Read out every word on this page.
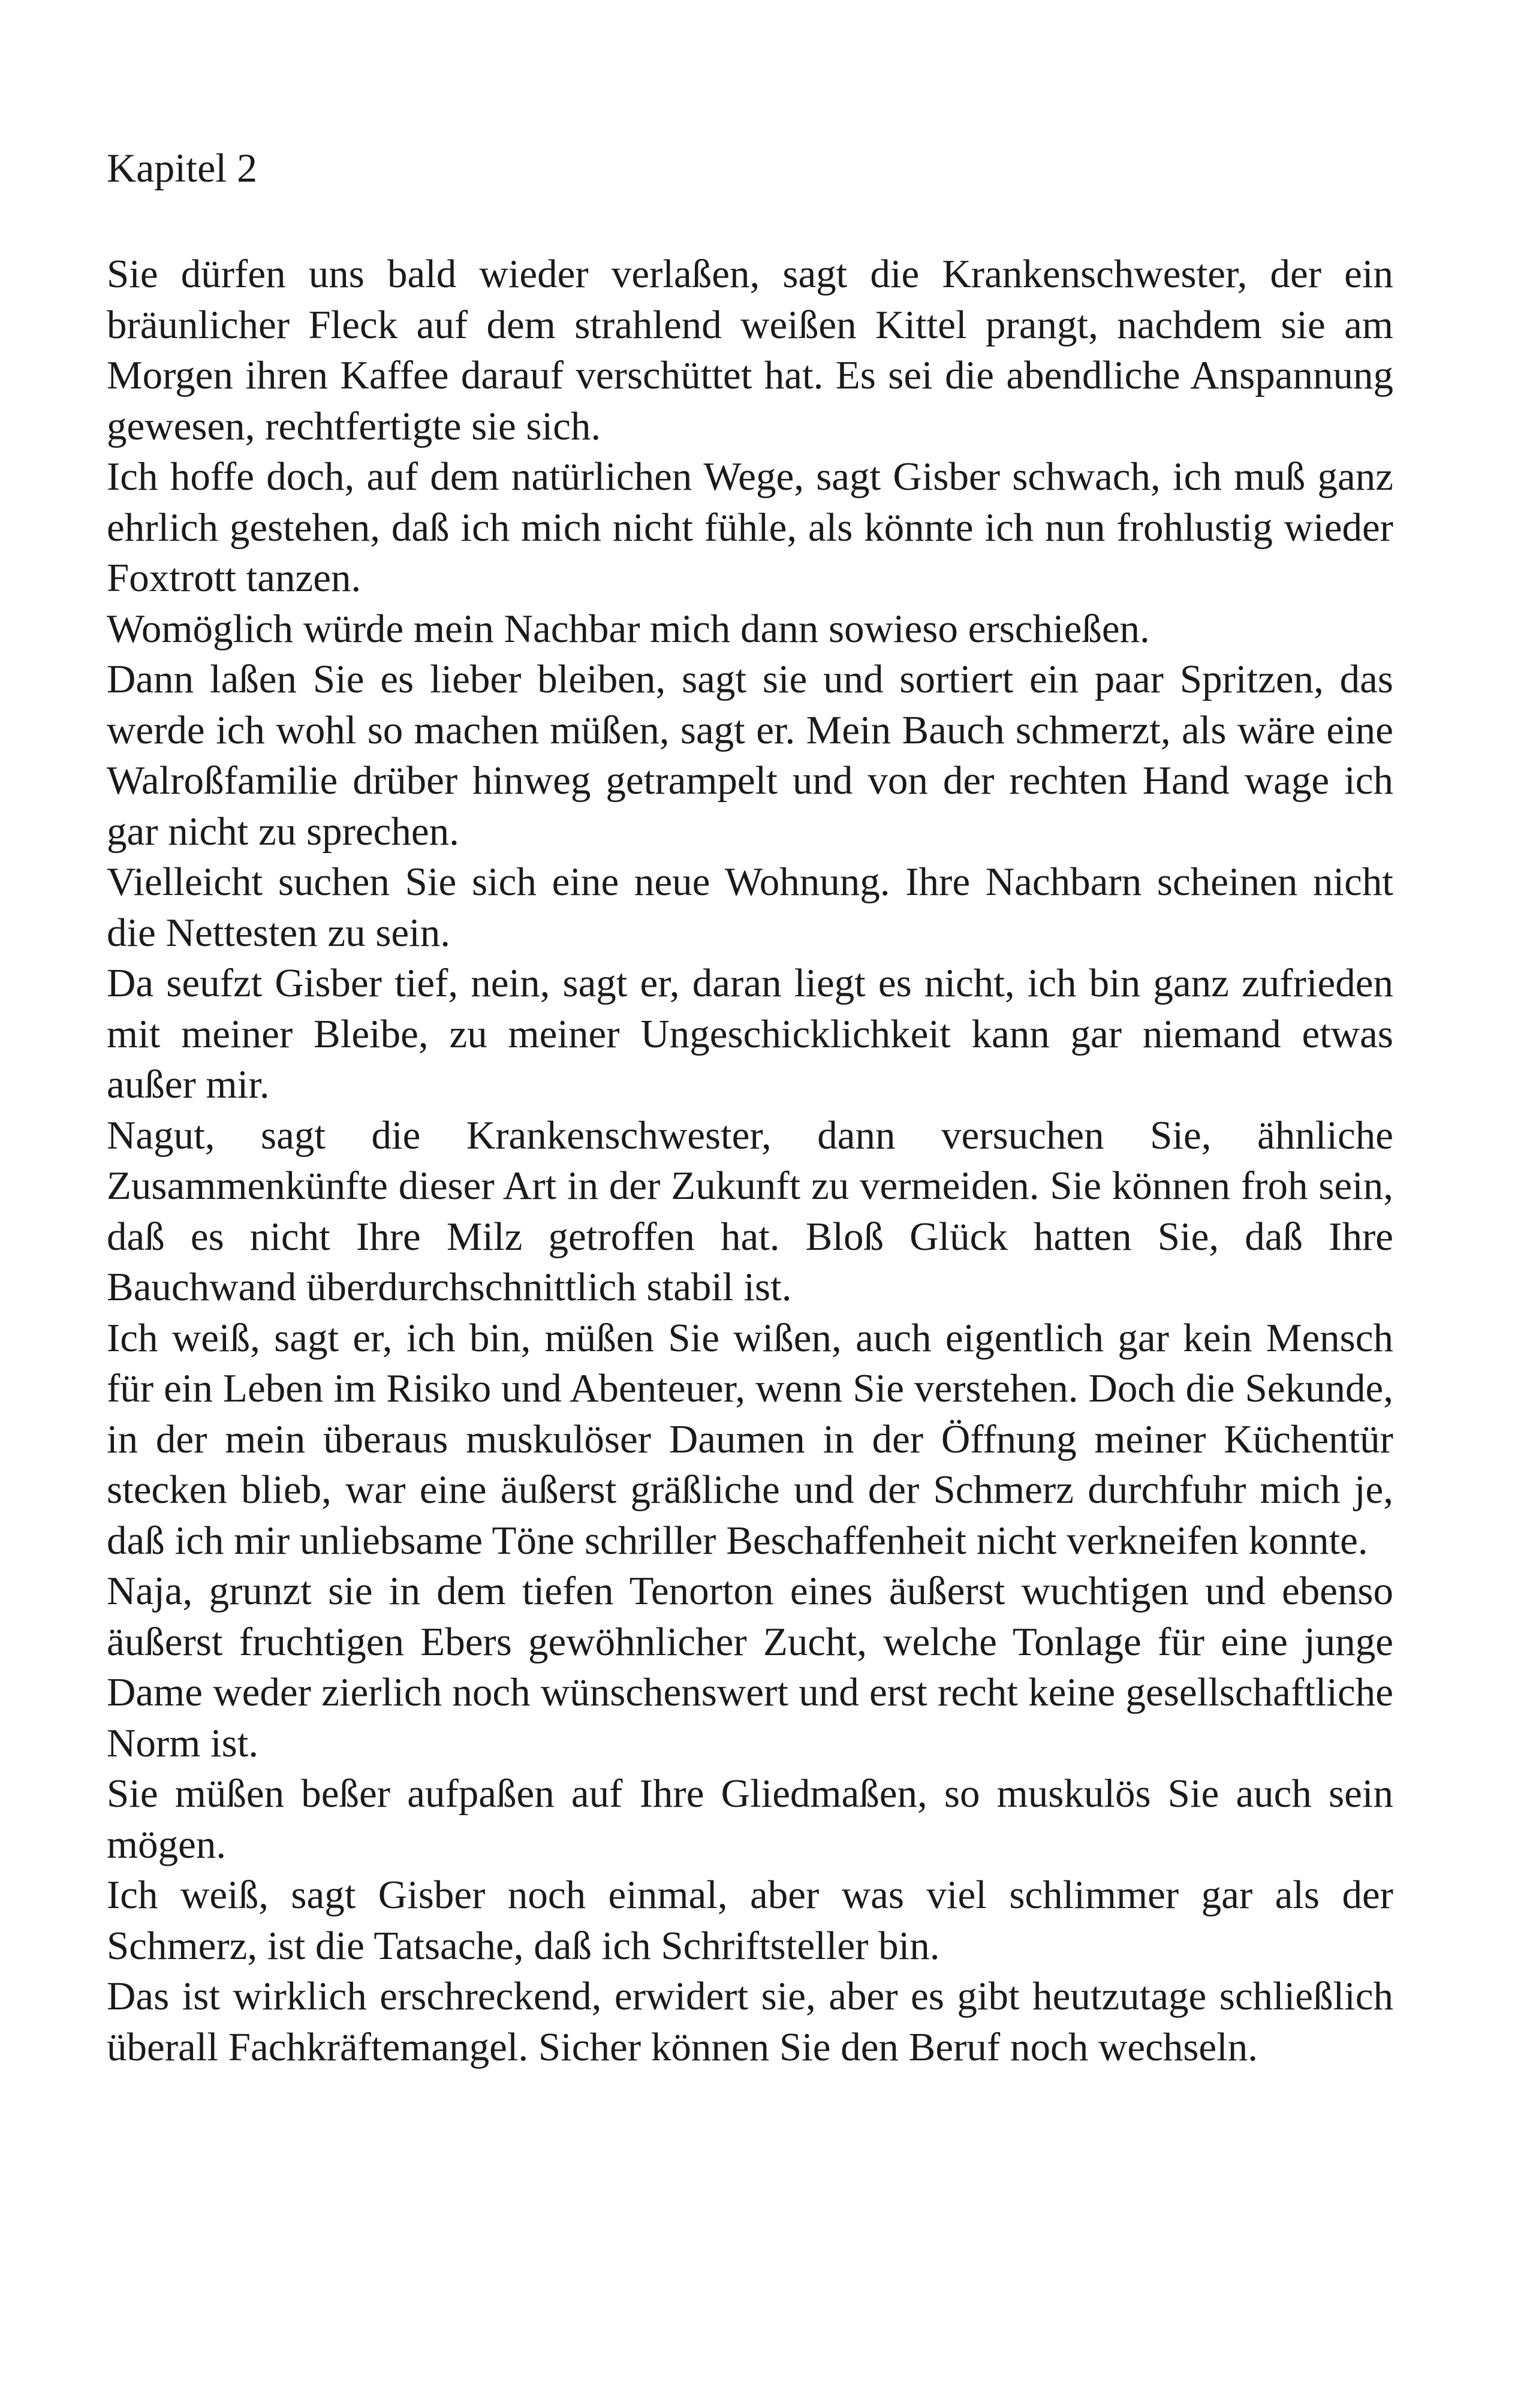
Kapitel 2

Sie dürfen uns bald wieder verlaßen, sagt die Krankenschwester, der ein bräunlicher Fleck auf dem strahlend weißen Kittel prangt, nachdem sie am Morgen ihren Kaffee darauf verschüttet hat. Es sei die abendliche Anspannung gewesen, rechtfertigte sie sich.

Ich hoffe doch, auf dem natürlichen Wege, sagt Gisber schwach, ich muß ganz ehrlich gestehen, daß ich mich nicht fühle, als könnte ich nun frohlustig wieder Foxtrott tanzen.

Womöglich würde mein Nachbar mich dann sowieso erschießen.

Dann laßen Sie es lieber bleiben, sagt sie und sortiert ein paar Spritzen, das werde ich wohl so machen müßen, sagt er. Mein Bauch schmerzt, als wäre eine Walroßfamilie drüber hinweg getrampelt und von der rechten Hand wage ich gar nicht zu sprechen.

Vielleicht suchen Sie sich eine neue Wohnung. Ihre Nachbarn scheinen nicht die Nettesten zu sein.

Da seufzt Gisber tief, nein, sagt er, daran liegt es nicht, ich bin ganz zufrieden mit meiner Bleibe, zu meiner Ungeschicklichkeit kann gar niemand etwas außer mir.

Nagut, sagt die Krankenschwester, dann versuchen Sie, ähnliche Zusammenkünfte dieser Art in der Zukunft zu vermeiden. Sie können froh sein, daß es nicht Ihre Milz getroffen hat. Bloß Glück hatten Sie, daß Ihre Bauchwand überdurchschnittlich stabil ist.

Ich weiß, sagt er, ich bin, müßen Sie wißen, auch eigentlich gar kein Mensch für ein Leben im Risiko und Abenteuer, wenn Sie verstehen. Doch die Sekunde, in der mein überaus muskulöser Daumen in der Öffnung meiner Küchentür stecken blieb, war eine äußerst gräßliche und der Schmerz durchfuhr mich je, daß ich mir unliebsame Töne schriller Beschaffenheit nicht verkneifen konnte.

Naja, grunzt sie in dem tiefen Tenorton eines äußerst wuchtigen und ebenso äußerst fruchtigen Ebers gewöhnlicher Zucht, welche Tonlage für eine junge Dame weder zierlich noch wünschenswert und erst recht keine gesellschaftliche Norm ist.

Sie müßen beßer aufpaßen auf Ihre Gliedmaßen, so muskulös Sie auch sein mögen.

Ich weiß, sagt Gisber noch einmal, aber was viel schlimmer gar als der Schmerz, ist die Tatsache, daß ich Schriftsteller bin.

Das ist wirklich erschreckend, erwidert sie, aber es gibt heutzutage schließlich überall Fachkräftemangel. Sicher können Sie den Beruf noch wechseln.
